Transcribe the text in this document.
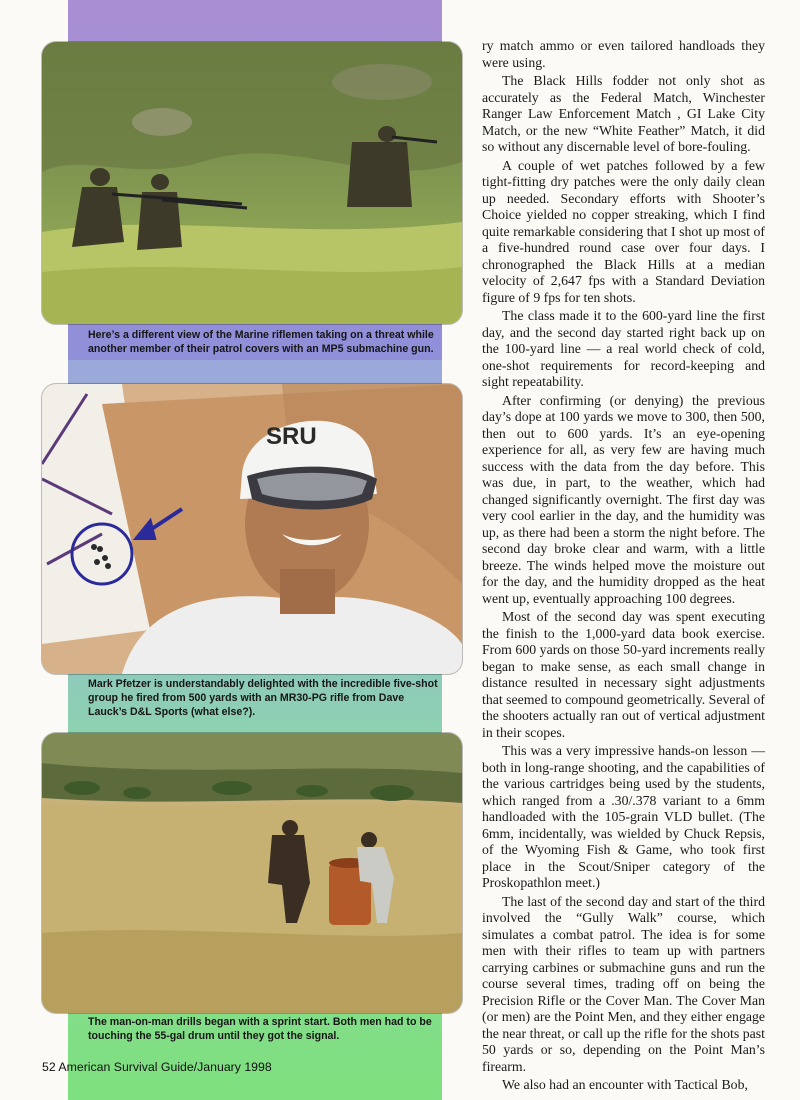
Here’s a different view of the Marine riflemen taking on a threat while another member of their patrol covers with an MP5 submachine gun.
SRU
Mark Pfetzer is understandably delighted with the incredible five-shot group he fired from 500 yards with an MR30-PG rifle from Dave Lauck’s D&L Sports (what else?).
The man-on-man drills began with a sprint start. Both men had to be touching the 55-gal drum until they got the signal.
52 American Survival Guide/January 1998

ry match ammo or even tailored handloads they were using.

The Black Hills fodder not only shot as accurately as the Federal Match, Winchester Ranger Law Enforcement Match , GI Lake City Match, or the new “White Feather” Match, it did so without any discernable level of bore-fouling.

A couple of wet patches followed by a few tight-fitting dry patches were the only daily clean up needed. Secondary efforts with Shooter’s Choice yielded no copper streaking, which I find quite remarkable considering that I shot up most of a five-hundred round case over four days. I chronographed the Black Hills at a median velocity of 2,647 fps with a Standard Deviation figure of 9 fps for ten shots.

The class made it to the 600-yard line the first day, and the second day started right back up on the 100-yard line — a real world check of cold, one-shot requirements for record-keeping and sight repeatability.

After confirming (or denying) the previous day’s dope at 100 yards we move to 300, then 500, then out to 600 yards. It’s an eye-opening experience for all, as very few are having much success with the data from the day before. This was due, in part, to the weather, which had changed significantly overnight. The first day was very cool earlier in the day, and the humidity was up, as there had been a storm the night before. The second day broke clear and warm, with a little breeze. The winds helped move the moisture out for the day, and the humidity dropped as the heat went up, eventually approaching 100 degrees.

Most of the second day was spent executing the finish to the 1,000-yard data book exercise. From 600 yards on those 50-yard increments really began to make sense, as each small change in distance resulted in necessary sight adjustments that seemed to compound geometrically. Several of the shooters actually ran out of vertical adjustment in their scopes.

This was a very impressive hands-on lesson — both in long-range shooting, and the capabilities of the various cartridges being used by the students, which ranged from a .30/.378 variant to a 6mm handloaded with the 105-grain VLD bullet. (The 6mm, incidentally, was wielded by Chuck Repsis, of the Wyoming Fish & Game, who took first place in the Scout/Sniper category of the Proskopathlon meet.)

The last of the second day and start of the third involved the “Gully Walk” course, which simulates a combat patrol. The idea is for some men with their rifles to team up with partners carrying carbines or submachine guns and run the course several times, trading off on being the Precision Rifle or the Cover Man. The Cover Man (or men) are the Point Men, and they either engage the near threat, or call up the rifle for the shots past 50 yards or so, depending on the Point Man’s firearm.

We also had an encounter with Tactical Bob,
